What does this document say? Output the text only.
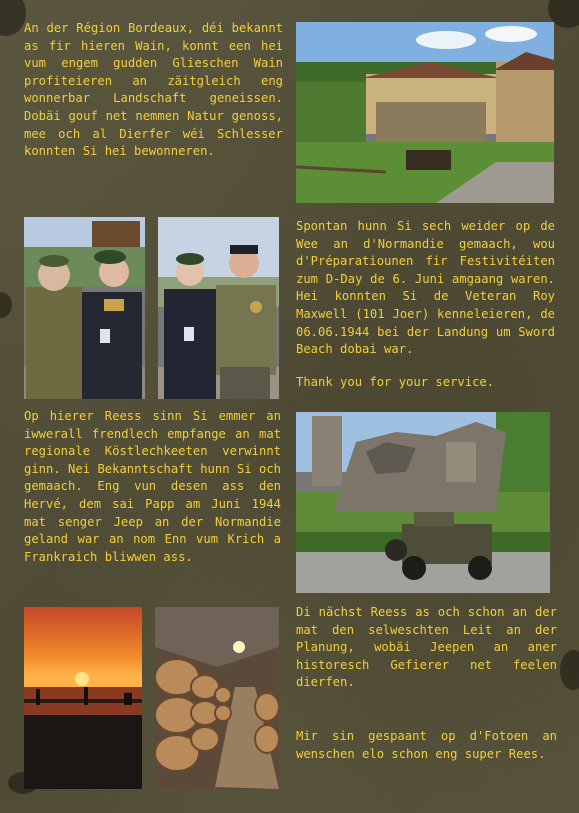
An der Région Bordeaux, déi bekannt as fir hieren Wain, konnt een hei vum engem gudden Glieschen Wain profiteieren an zäitgleich eng wonnerbar Landschaft geneissen. Dobäi gouf net nemmen Natur genoss, mee och al Dierfer wéi Schlesser konnten Si hei bewonneren.

Spontan hunn Si sech weider op de Wee an d'Normandie gemaach, wou d'Préparatiounen fir Festivitéiten zum D-Day de 6. Juni amgaang waren. Hei konnten Si de Veteran Roy Maxwell (101 Joer) kenneleieren, de 06.06.1944 bei der Landung um Sword Beach dobai war.

Thank you for your service.

Op hierer Reess sinn Si emmer an iwwerall frendlech empfange an mat regionale Köstlechkeeten verwinnt ginn. Nei Bekanntschaft hunn Si och gemaach. Eng vun desen ass den Hervé, dem sai Papp am Juni 1944 mat senger Jeep an der Normandie geland war an nom Enn vum Krich a Frankraich bliwwen ass.

Di nächst Reess as och schon an der mat den selweschten Leit an der Planung, wobäi Jeepen an aner historesch Gefierer net feelen dierfen.

Mir sin gespaant op d'Fotoen an wenschen elo schon eng super Rees.
